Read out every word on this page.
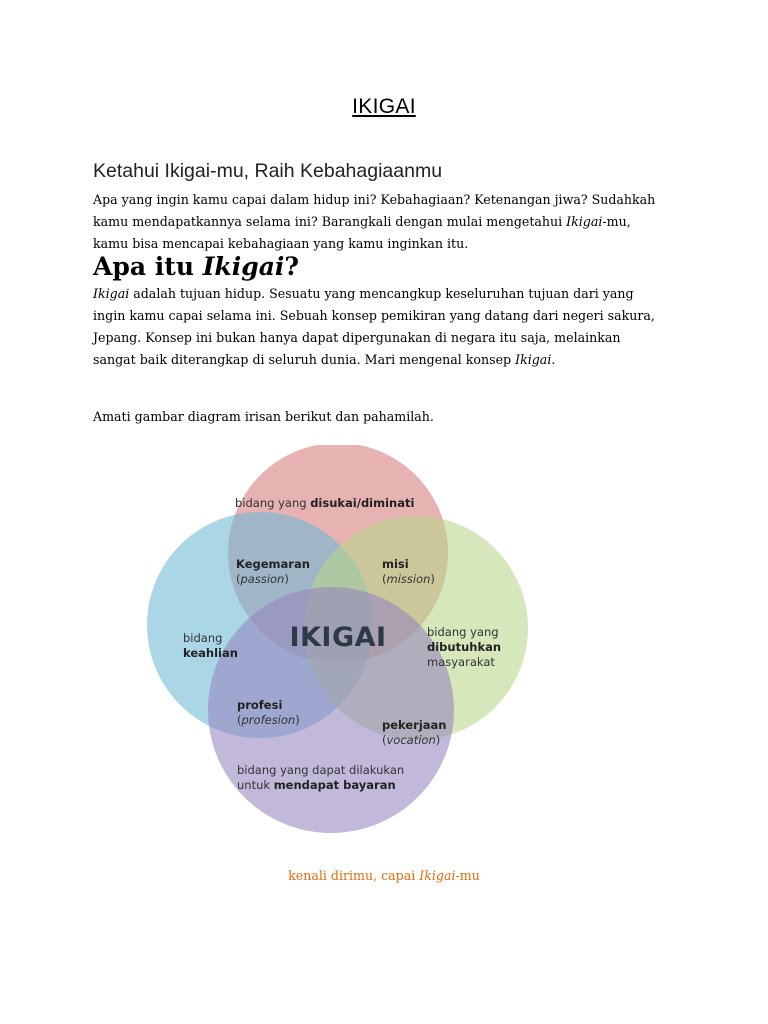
IKIGAI
Ketahui Ikigai-mu, Raih Kebahagiaanmu
Apa yang ingin kamu capai dalam hidup ini? Kebahagiaan? Ketenangan jiwa? Sudahkah
kamu mendapatkannya selama ini? Barangkali dengan mulai mengetahui Ikigai-mu,
kamu bisa mencapai kebahagiaan yang kamu inginkan itu.
Apa itu Ikigai?
Ikigai adalah tujuan hidup. Sesuatu yang mencangkup keseluruhan tujuan dari yang
ingin kamu capai selama ini. Sebuah konsep pemikiran yang datang dari negeri sakura,
Jepang. Konsep ini bukan hanya dapat dipergunakan di negara itu saja, melainkan
sangat baik diterangkap di seluruh dunia. Mari mengenal konsep Ikigai.
Amati gambar diagram irisan berikut dan pahamilah.
bidang yang disukai/diminati
bidang
keahlian
bidang yang
dibutuhkan
masyarakat
bidang yang dapat dilakukan
untuk mendapat bayaran
Kegemaran
(passion)
misi
(mission)
profesi
(profesion)	pekerjaan
(vocation)
IKIGAI
kenali dirimu, capai Ikigai-mu
